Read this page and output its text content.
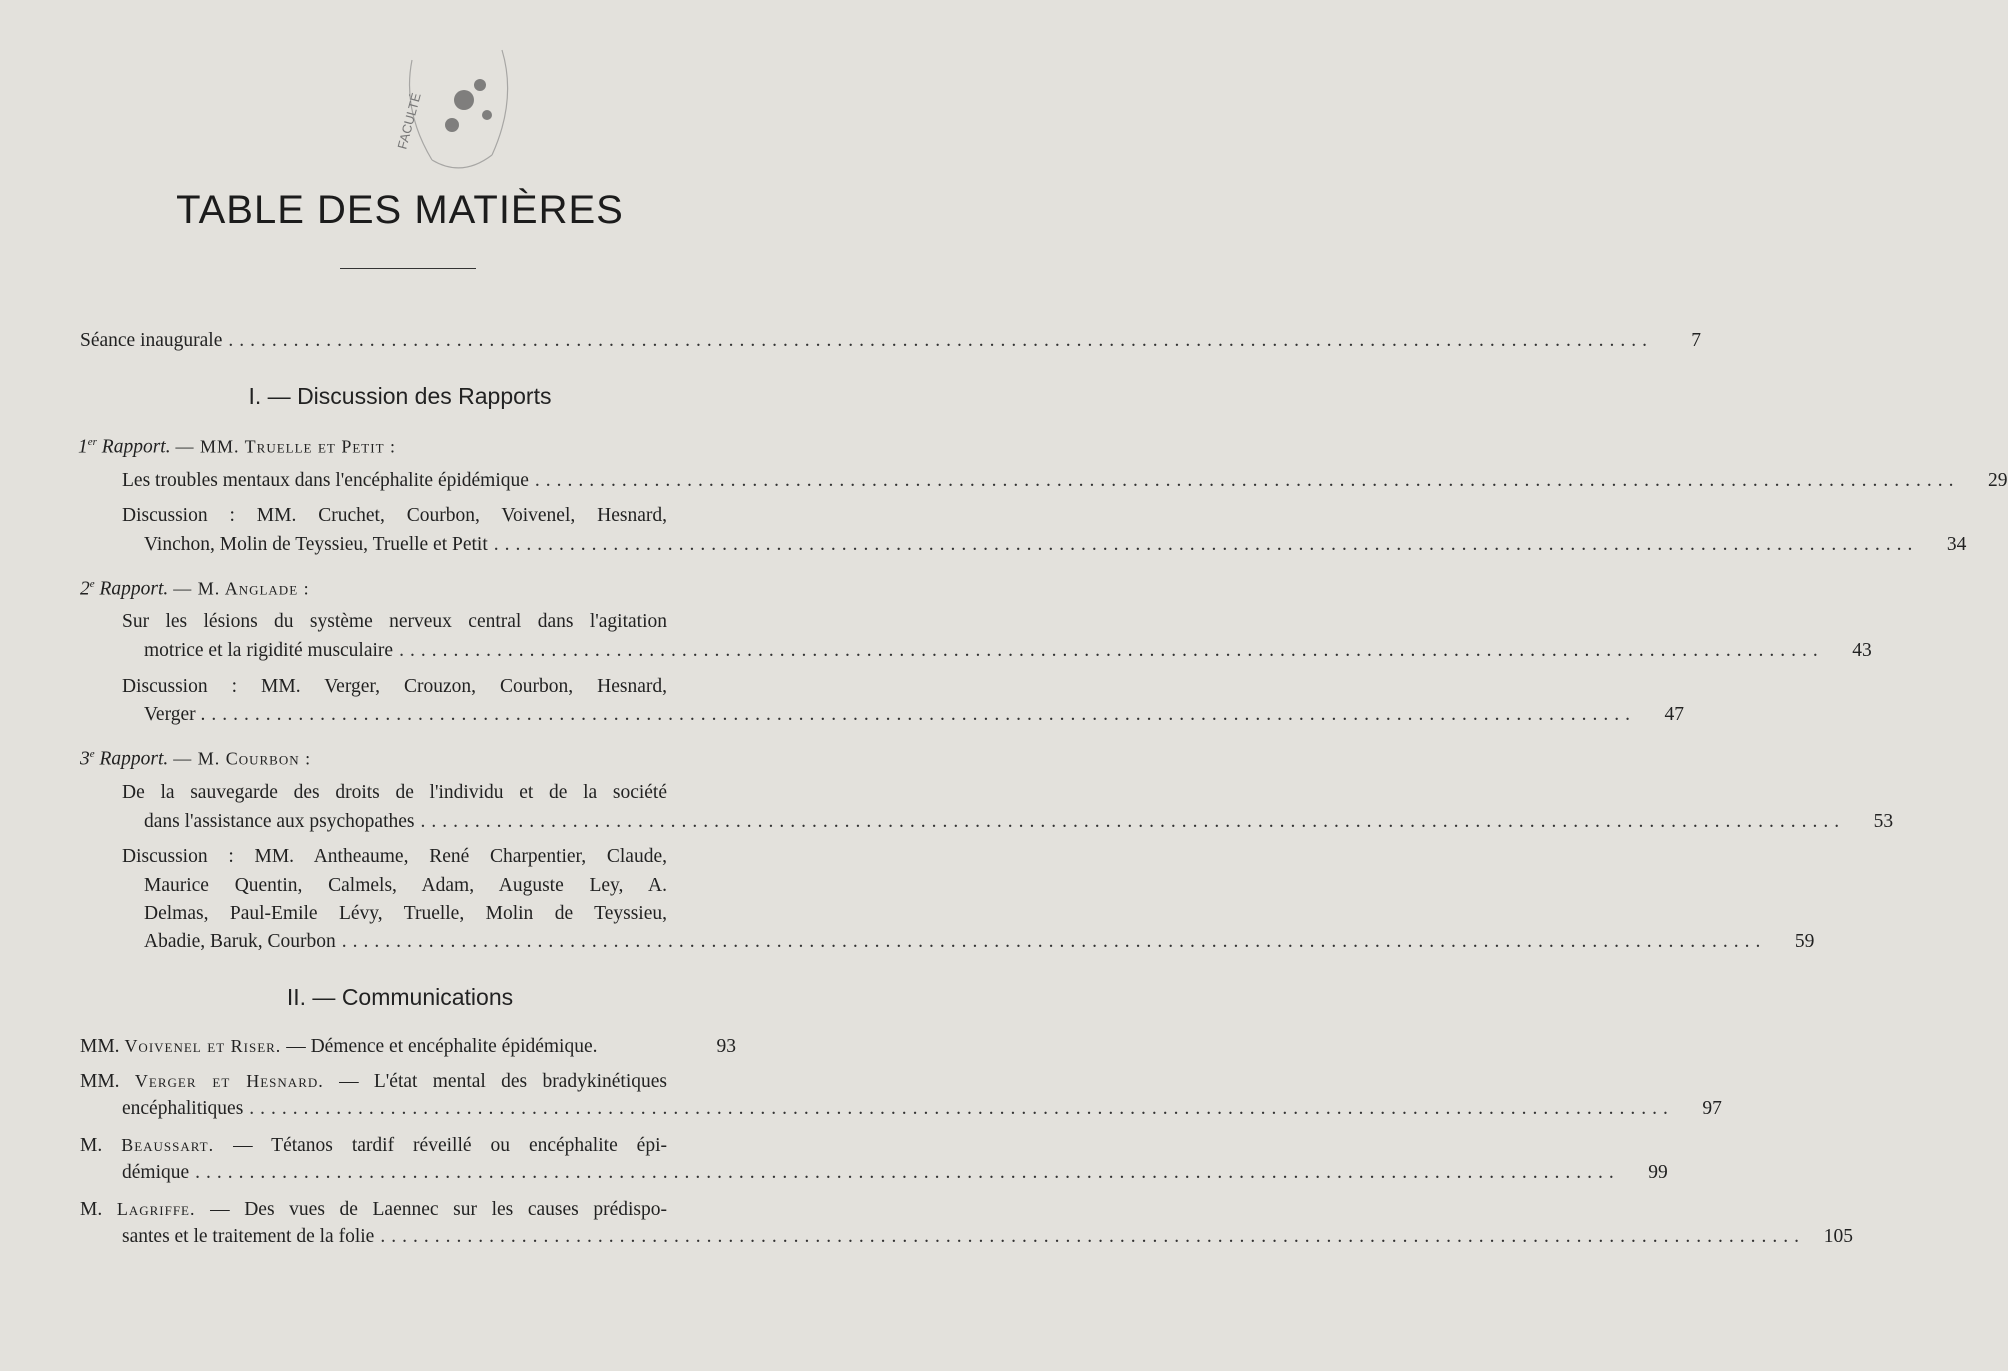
FACULTÉ
TABLE DES MATIÈRES
Séance inaugurale ...................................................................................................................................	7
I. — Discussion des Rapports
1er Rapport. — MM. Truelle et Petit :
Les troubles mentaux dans l'encéphalite épidémique ...................................................................................................................................	29
Discussion : MM. Cruchet, Courbon, Voivenel, Hesnard,
Vinchon, Molin de Teyssieu, Truelle et Petit ...................................................................................................................................	34
2e Rapport. — M. Anglade :
Sur les lésions du système nerveux central dans l'agitation
motrice et la rigidité musculaire ...................................................................................................................................	43
Discussion : MM. Verger, Crouzon, Courbon, Hesnard,
Verger . ...................................................................................................................................	47
3e Rapport. — M. Courbon :
De la sauvegarde des droits de l'individu et de la société
dans l'assistance aux psychopathes ...................................................................................................................................	53
Discussion : MM. Antheaume, René Charpentier, Claude,
Maurice Quentin, Calmels, Adam, Auguste Ley, A.
Delmas, Paul-Emile Lévy, Truelle, Molin de Teyssieu,
Abadie, Baruk, Courbon ...................................................................................................................................	59
II. — Communications
MM. Voivenel et Riser. — Démence et encéphalite épidémique.	93
MM. Verger et Hesnard. — L'état mental des bradykinétiques
encéphalitiques ...................................................................................................................................	97
M. Beaussart. — Tétanos tardif réveillé ou encéphalite épi-
démique ...................................................................................................................................	99
M. Lagriffe. — Des vues de Laennec sur les causes prédispo-
santes et le traitement de la folie ................................................................................................................................... 105
